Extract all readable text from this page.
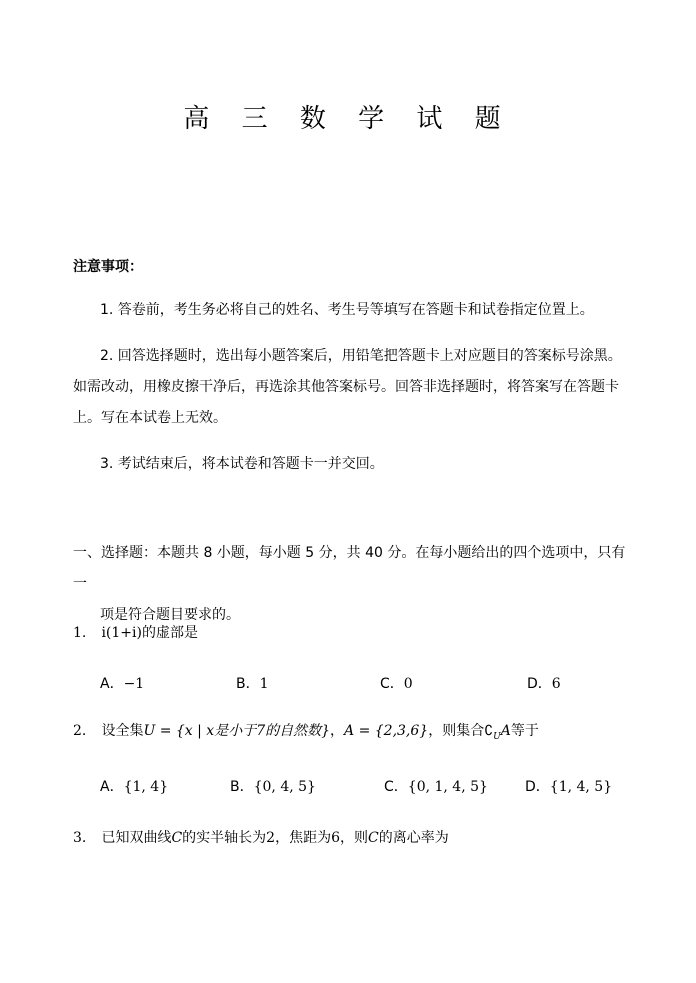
高 三 数 学 试 题
注意事项：
1. 答卷前，考生务必将自己的姓名、考生号等填写在答题卡和试卷指定位置上。
2. 回答选择题时，选出每小题答案后，用铅笔把答题卡上对应题目的答案标号涂黑。
如需改动，用橡皮擦干净后，再选涂其他答案标号。回答非选择题时，将答案写在答题卡
上。写在本试卷上无效。
3. 考试结束后，将本试卷和答题卡一并交回。
一、选择题：本题共 8 小题，每小题 5 分，共 40 分。在每小题给出的四个选项中，只有一
项是符合题目要求的。
1. i(1+i)的虚部是
A．−1	B．1	C．0	D．6
2. 设全集U = {x | x是小于7的自然数}，A = {2,3,6}，则集合$∁_UA$等于
A．{1, 4}	B．{0, 4, 5}	C．{0, 1, 4, 5}	D．{1, 4, 5}
3. 已知双曲线C的实半轴长为2，焦距为6，则C的离心率为
